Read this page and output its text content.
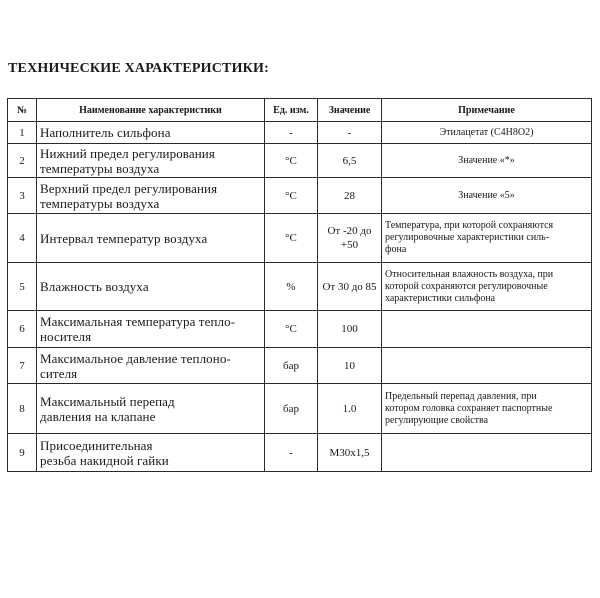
ТЕХНИЧЕСКИЕ ХАРАКТЕРИСТИКИ:
№	Наименование характеристики	Ед. изм.	Значение	Примечание
1	Наполнитель сильфона	-	-	Этилацетат (C4H8O2)

2	Нижний предел регулирования
температуры воздуха	°С	6,5	Значение «*»

3	Верхний предел регулирования
температуры воздуха	°С	28	Значение «5»

4	Интервал температур воздуха	°С	От -20 до
+50	Температура, при которой сохраняются
регулировочные характеристики силь-
фона

5	Влажность воздуха	%	От 30 до 85	Относительная влажность воздуха, при
которой сохраняются регулировочные
характеристики сильфона

6	Максимальная температура теплo-
носителя	°С	100	

7	Максимальное давление теплоно-
сителя	бар	10	

8	Максимальный перепад
давления на клапане	бар	1.0	Предельный перепад давления, при
котором головка сохраняет паспортные
регулирующие свойства

9	Присоединительная
резьба накидной гайки	-	M30x1,5	
